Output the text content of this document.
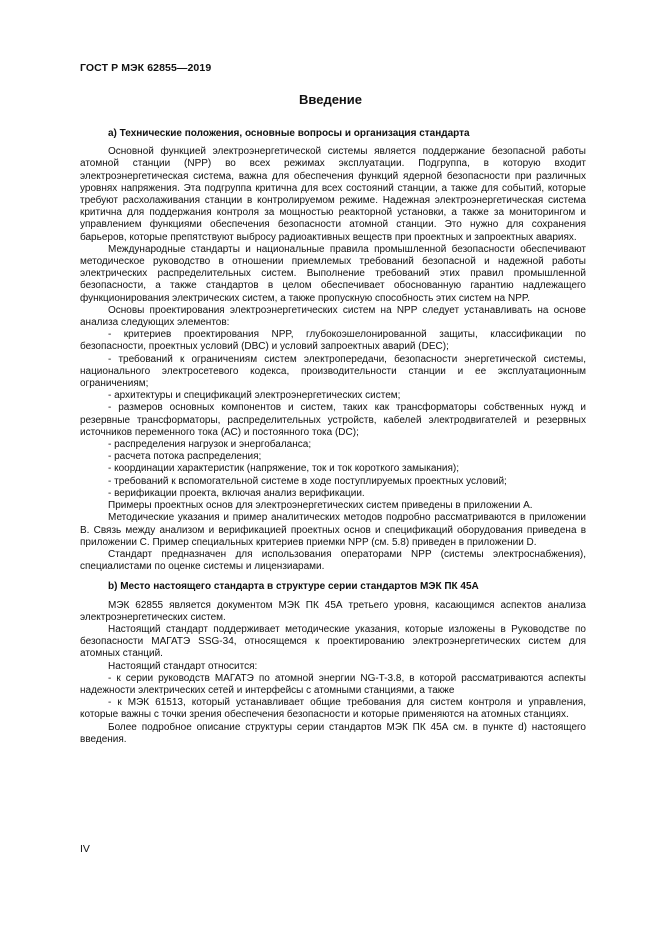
ГОСТ Р МЭК 62855—2019
Введение

а) Технические положения, основные вопросы и организация стандарта

Основной функцией электроэнергетической системы является поддержание безопасной работы атомной станции (NPP) во всех режимах эксплуатации. Подгруппа, в которую входит электроэнергетическая система, важна для обеспечения функций ядерной безопасности при различных уровнях напряжения. Эта подгруппа критична для всех состояний станции, а также для событий, которые требуют расхолаживания станции в контролируемом режиме. Надежная электроэнергетическая система критична для поддержания контроля за мощностью реакторной установки, а также за мониторингом и управлением функциями обеспечения безопасности атомной станции. Это нужно для сохранения барьеров, которые препятствуют выбросу радиоактивных веществ при проектных и запроектных авариях.

Международные стандарты и национальные правила промышленной безопасности обеспечивают методическое руководство в отношении приемлемых требований безопасной и надежной работы электрических распределительных систем. Выполнение требований этих правил промышленной безопасности, а также стандартов в целом обеспечивает обоснованную гарантию надлежащего функционирования электрических систем, а также пропускную способность этих систем на NPP.

Основы проектирования электроэнергетических систем на NPP следует устанавливать на основе анализа следующих элементов:

- критериев проектирования NPP, глубокоэшелонированной защиты, классификации по безопасности, проектных условий (DBC) и условий запроектных аварий (DEC);

- требований к ограничениям систем электропередачи, безопасности энергетической системы, национального электросетевого кодекса, производительности станции и ее эксплуатационным ограничениям;

- архитектуры и спецификаций электроэнергетических систем;

- размеров основных компонентов и систем, таких как трансформаторы собственных нужд и резервные трансформаторы, распределительных устройств, кабелей электродвигателей и резервных источников переменного тока (АС) и постоянного тока (DC);

- распределения нагрузок и энергобаланса;

- расчета потока распределения;

- координации характеристик (напряжение, ток и ток короткого замыкания);

- требований к вспомогательной системе в ходе поступлируемых проектных условий;

- верификации проекта, включая анализ верификации.

Примеры проектных основ для электроэнергетических систем приведены в приложении А.

Методические указания и пример аналитических методов подробно рассматриваются в приложении В. Связь между анализом и верификацией проектных основ и спецификаций оборудования приведена в приложении С. Пример специальных критериев приемки NPP (см. 5.8) приведен в приложении D.

Стандарт предназначен для использования операторами NPP (системы электроснабжения), специалистами по оценке системы и лицензиарами.

b) Место настоящего стандарта в структуре серии стандартов МЭК ПК 45А

МЭК 62855 является документом МЭК ПК 45А третьего уровня, касающимся аспектов анализа электроэнергетических систем.

Настоящий стандарт поддерживает методические указания, которые изложены в Руководстве по безопасности МАГАТЭ SSG-34, относящемся к проектированию электроэнергетических систем для атомных станций.

Настоящий стандарт относится:

- к серии руководств МАГАТЭ по атомной энергии NG-T-3.8, в которой рассматриваются аспекты надежности электрических сетей и интерфейсы с атомными станциями, а также

- к МЭК 61513, который устанавливает общие требования для систем контроля и управления, которые важны с точки зрения обеспечения безопасности и которые применяются на атомных станциях.

Более подробное описание структуры серии стандартов МЭК ПК 45А см. в пункте d) настоящего введения.

IV
